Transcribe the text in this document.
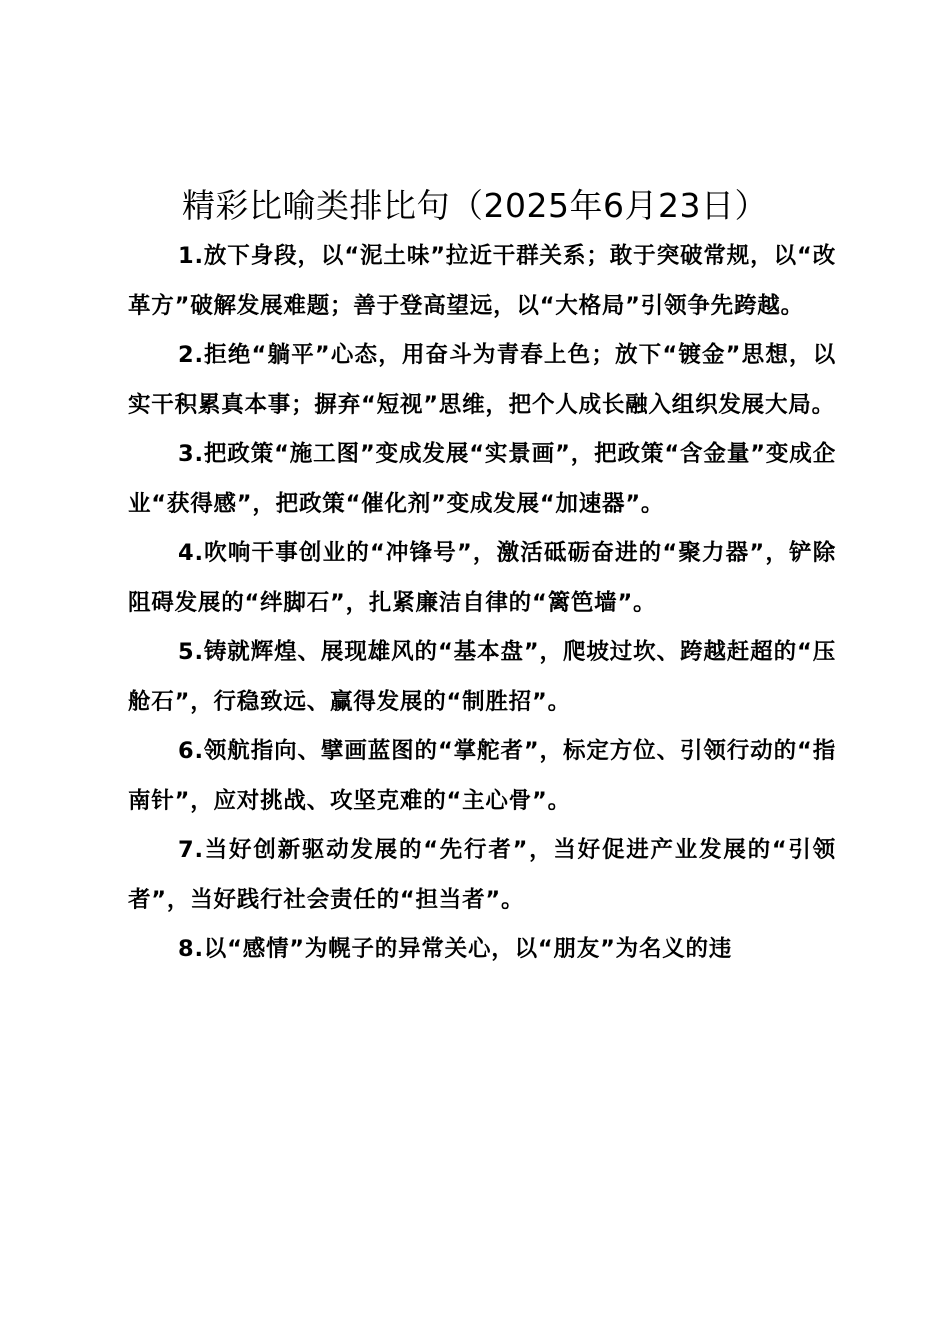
精彩比喻类排比句（2025年6月23日）

1.放下身段，以“泥土味”拉近干群关系；敢于突破常规，以“改革方”破解发展难题；善于登高望远，以“大格局”引领争先跨越。

2.拒绝“躺平”心态，用奋斗为青春上色；放下“镀金”思想，以实干积累真本事；摒弃“短视”思维，把个人成长融入组织发展大局。

3.把政策“施工图”变成发展“实景画”，把政策“含金量”变成企业“获得感”，把政策“催化剂”变成发展“加速器”。

4.吹响干事创业的“冲锋号”，激活砥砺奋进的“聚力器”，铲除阻碍发展的“绊脚石”，扎紧廉洁自律的“篱笆墙”。

5.铸就辉煌、展现雄风的“基本盘”，爬坡过坎、跨越赶超的“压舱石”，行稳致远、赢得发展的“制胜招”。

6.领航指向、擘画蓝图的“掌舵者”，标定方位、引领行动的“指南针”，应对挑战、攻坚克难的“主心骨”。

7.当好创新驱动发展的“先行者”，当好促进产业发展的“引领者”，当好践行社会责任的“担当者”。

8.以“感情”为幌子的异常关心，以“朋友”为名义的违
